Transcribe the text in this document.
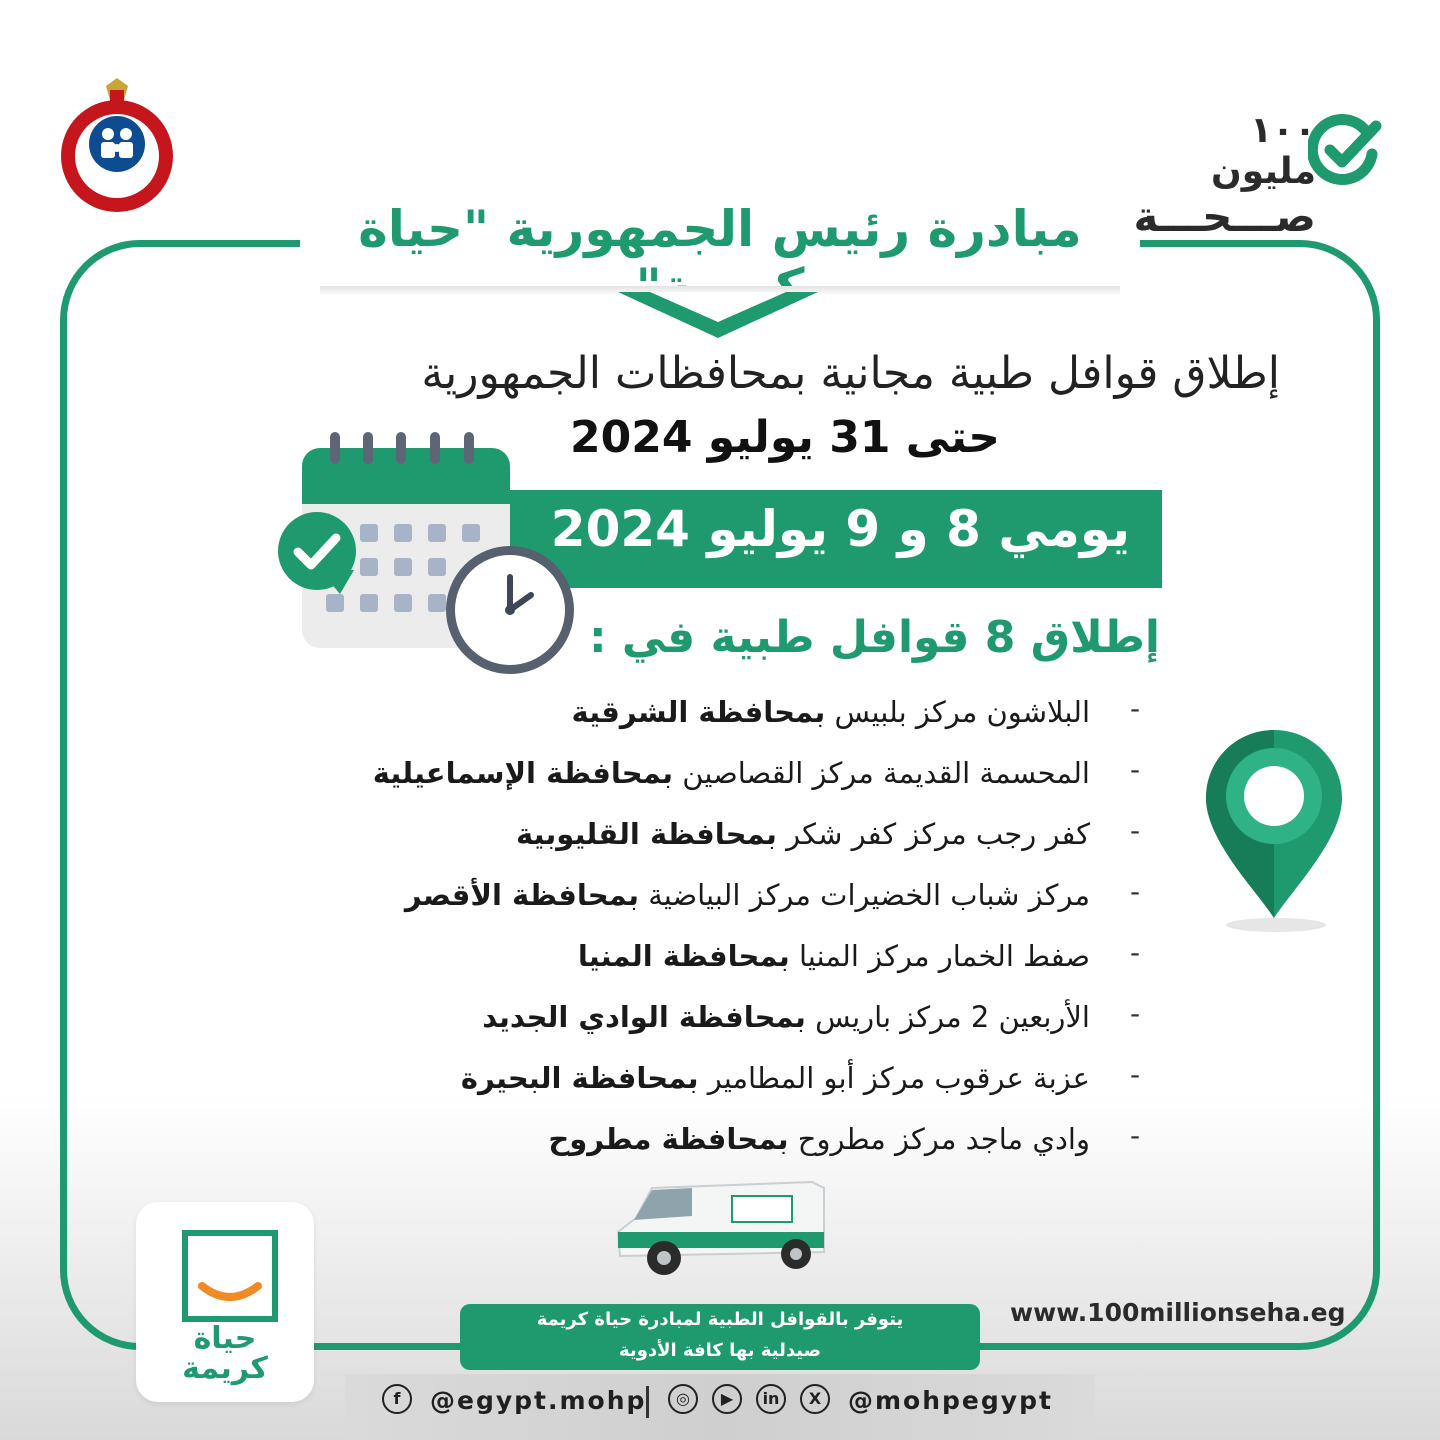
١٠٠ مليون
صـــحـــة
مبادرة رئيس الجمهورية "حياة
إطلاق قوافل طبية مجانية بمحافظات الجمهورية
حتى 31 يوليو 2024
يومي 8 و 9 يوليو 2024
إطلاق 8 قوافل طبية في :
البلاشون مركز بلبيس بمحافظة الشرقية
المحسمة القديمة مركز القصاصين بمحافظة الإسماعيلية
كفر رجب مركز كفر شكر بمحافظة القليوبية
مركز شباب الخضيرات مركز البياضية بمحافظة الأقصر
صفط الخمار مركز المنيا بمحافظة المنيا
الأربعين 2 مركز باريس بمحافظة الوادي الجديد
عزبة عرقوب مركز أبو المطامير بمحافظة البحيرة
وادي ماجد مركز مطروح بمحافظة مطروح
-
-
-
-
-
-
-
-
يتوفر بالقوافل الطبية لمبادرة حياة كريمة
صيدلية بها كافة الأدوية
www.100millionseha.eg
حياة كريمة
f	@egypt.mohp	◎	▶	in	X	@mohpegypt
